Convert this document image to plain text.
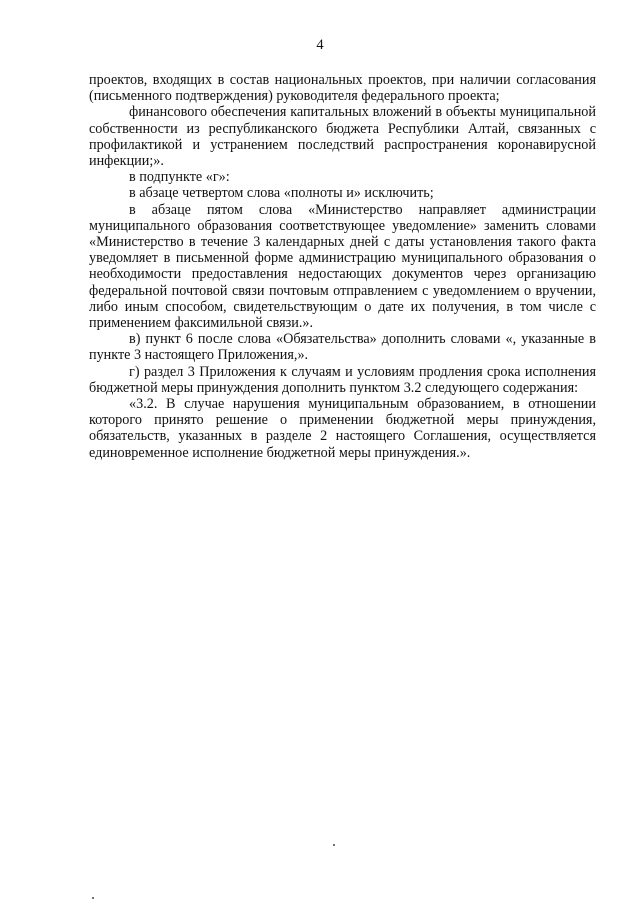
4

проектов, входящих в состав национальных проектов, при наличии согласования (письменного подтверждения) руководителя федерального проекта;

финансового обеспечения капитальных вложений в объекты муниципальной собственности из республиканского бюджета Республики Алтай, связанных с профилактикой и устранением последствий распространения коронавирусной инфекции;».

в подпункте «г»:

в абзаце четвертом слова «полноты и» исключить;

в абзаце пятом слова «Министерство направляет администрации муниципального образования соответствующее уведомление» заменить словами «Министерство в течение 3 календарных дней с даты установления такого факта уведомляет в письменной форме администрацию муниципального образования о необходимости предоставления недостающих документов через организацию федеральной почтовой связи почтовым отправлением с уведомлением о вручении, либо иным способом, свидетельствующим о дате их получения, в том числе с применением факсимильной связи.».

в) пункт 6 после слова «Обязательства» дополнить словами «, указанные в пункте 3 настоящего Приложения,».

г) раздел 3 Приложения к случаям и условиям продления срока исполнения бюджетной меры принуждения дополнить пунктом 3.2 следующего содержания:

«3.2. В случае нарушения муниципальным образованием, в отношении которого принято решение о применении бюджетной меры принуждения, обязательств, указанных в разделе 2 настоящего Соглашения, осуществляется единовременное исполнение бюджетной меры принуждения.».
